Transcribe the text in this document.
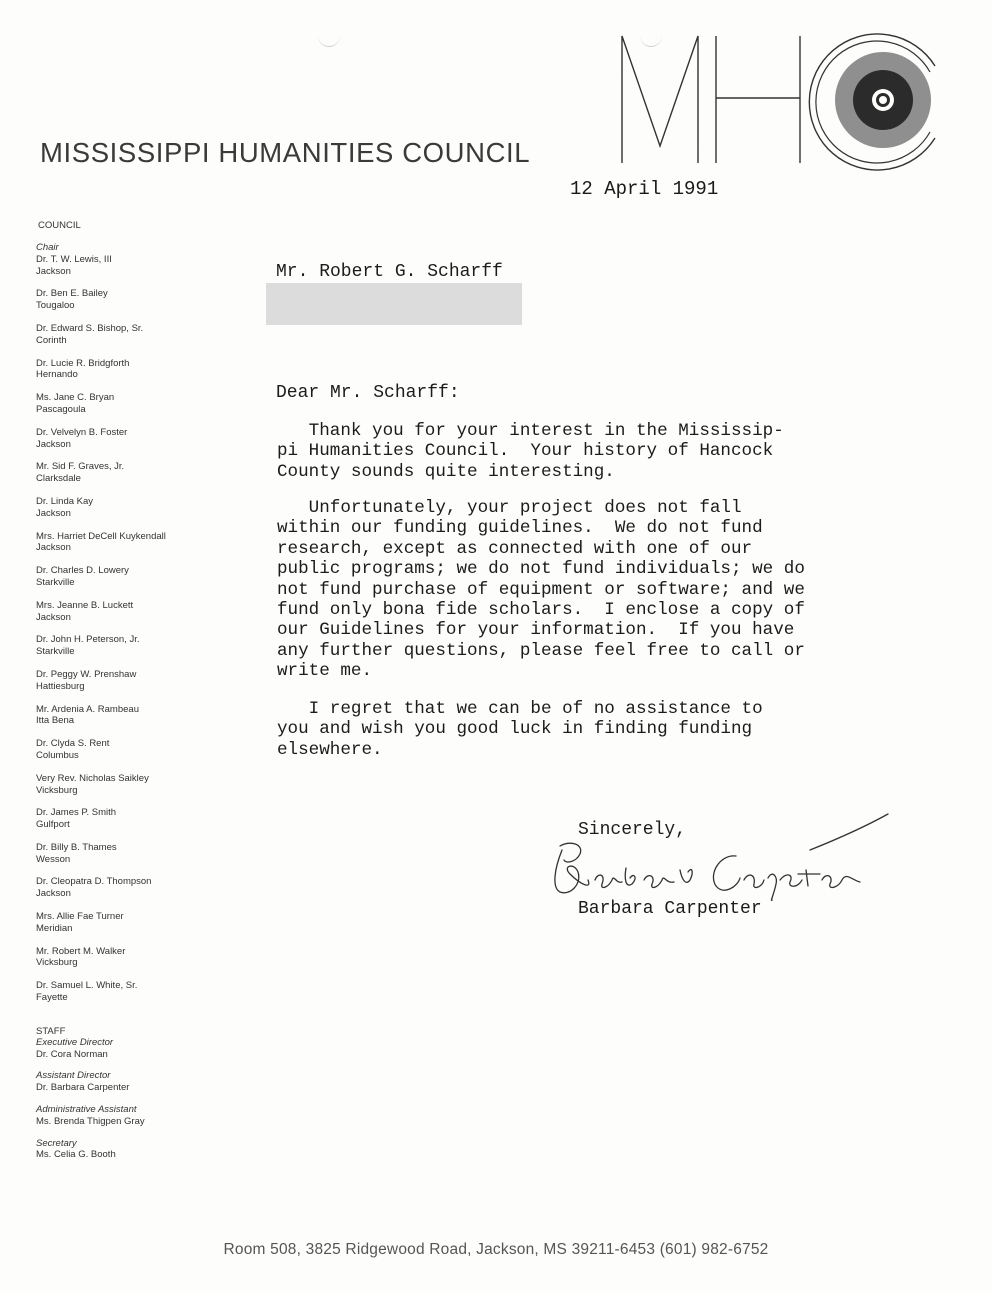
MISSISSIPPI HUMANITIES COUNCIL
12 April 1991
COUNCIL
Chair
Dr. T. W. Lewis, III
Jackson
Dr. Ben E. Bailey
Tougaloo
Dr. Edward S. Bishop, Sr.
Corinth
Dr. Lucie R. Bridgforth
Hernando
Ms. Jane C. Bryan
Pascagoula
Dr. Velvelyn B. Foster
Jackson
Mr. Sid F. Graves, Jr.
Clarksdale
Dr. Linda Kay
Jackson
Mrs. Harriet DeCell Kuykendall
Jackson
Dr. Charles D. Lowery
Starkville
Mrs. Jeanne B. Luckett
Jackson
Dr. John H. Peterson, Jr.
Starkville
Dr. Peggy W. Prenshaw
Hattiesburg
Mr. Ardenia A. Rambeau
Itta Bena
Dr. Clyda S. Rent
Columbus
Very Rev. Nicholas Saikley
Vicksburg
Dr. James P. Smith
Gulfport
Dr. Billy B. Thames
Wesson
Dr. Cleopatra D. Thompson
Jackson
Mrs. Allie Fae Turner
Meridian
Mr. Robert M. Walker
Vicksburg
Dr. Samuel L. White, Sr.
Fayette
STAFF
Executive Director
Dr. Cora Norman
Assistant Director
Dr. Barbara Carpenter
Administrative Assistant
Ms. Brenda Thigpen Gray
Secretary
Ms. Celia G. Booth
Mr. Robert G. Scharff
Dear Mr. Scharff:
Thank you for your interest in the Mississip-
pi Humanities Council.  Your history of Hancock
County sounds quite interesting.
Unfortunately, your project does not fall
within our funding guidelines.  We do not fund
research, except as connected with one of our
public programs; we do not fund individuals; we do
not fund purchase of equipment or software; and we
fund only bona fide scholars.  I enclose a copy of
our Guidelines for your information.  If you have
any further questions, please feel free to call or
write me.
I regret that we can be of no assistance to
you and wish you good luck in finding funding
elsewhere.
Sincerely,
Barbara Carpenter
Room 508, 3825 Ridgewood Road, Jackson, MS 39211-6453 (601) 982-6752
